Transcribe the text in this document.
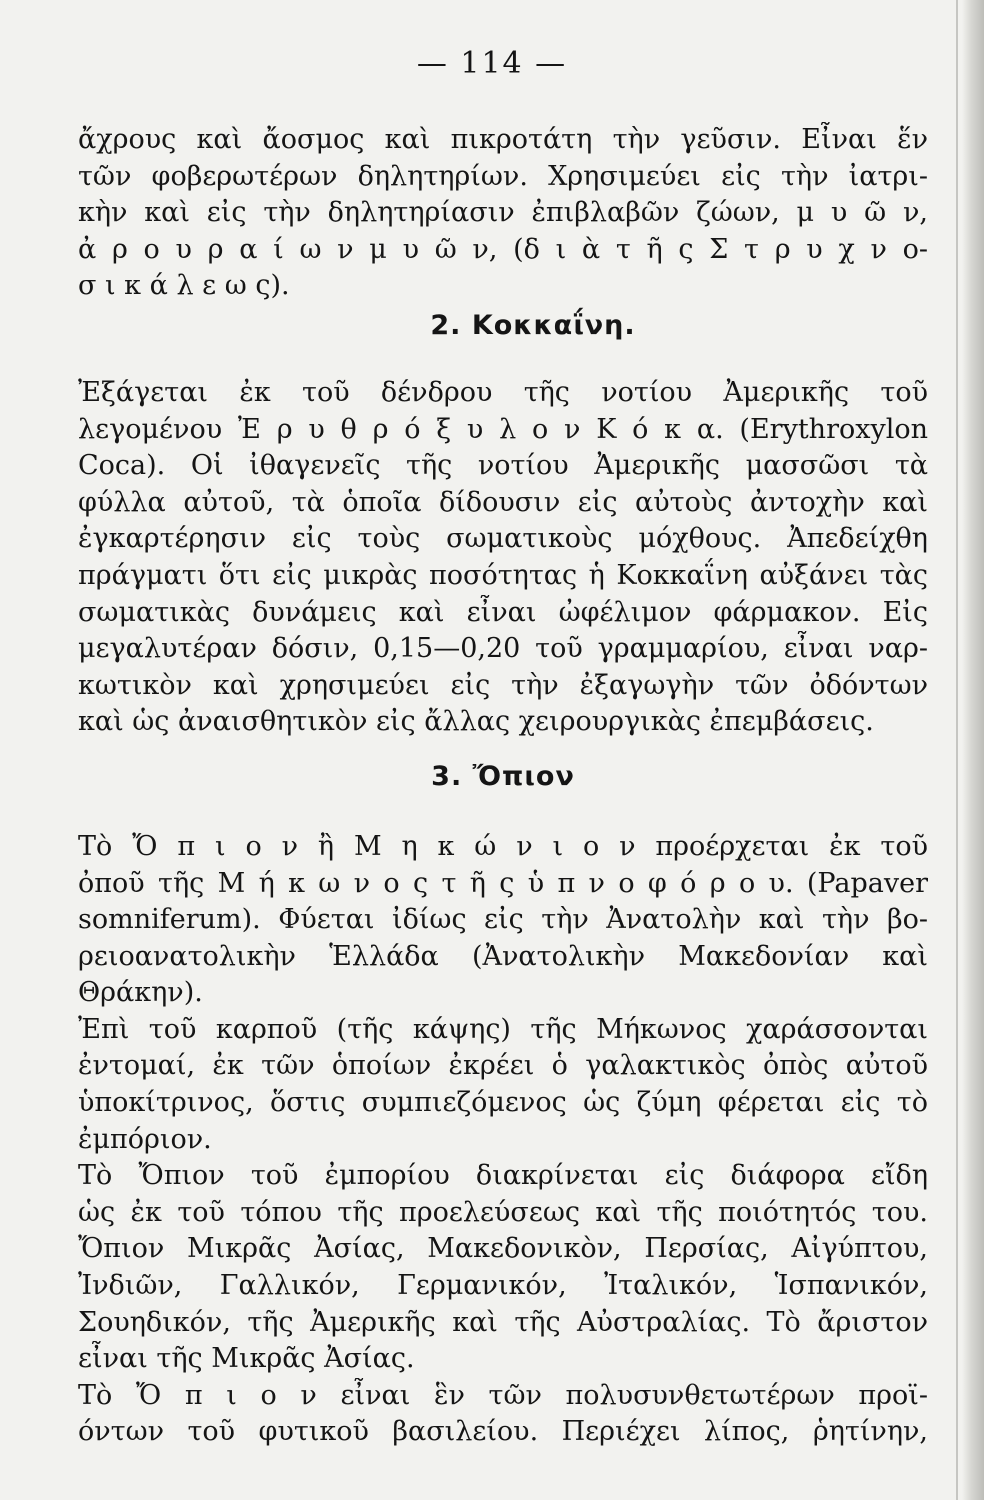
— 114 —
ἄχρους καὶ ἄοσμος καὶ πικροτάτη τὴν γεῦσιν. Εἶναι ἕν
τῶν φοβερωτέρων δηλητηρίων. Χρησιμεύει εἰς τὴν ἰατρι-
κὴν καὶ εἰς τὴν δηλητηρίασιν ἐπιβλαβῶν ζώων, μ υ ῶ ν,
ἀ ρ ο υ ρ α ί ω ν μ υ ῶ ν, (δ ι ὰ τ ῆ ς Σ τ ρ υ χ ν ο-
σ ι κ ά λ ε ω ς).
2. Κοκκαΐνη.
Ἐξάγεται ἐκ τοῦ δένδρου τῆς νοτίου Ἀμερικῆς τοῦ
λεγομένου Ἐ ρ υ θ ρ ό ξ υ λ ο ν Κ ό κ α. (Erythroxylon
Coca). Οἱ ἰθαγενεῖς τῆς νοτίου Ἀμερικῆς μασσῶσι τὰ
φύλλα αὐτοῦ, τὰ ὁποῖα δίδουσιν εἰς αὐτοὺς ἀντοχὴν καὶ
ἐγκαρτέρησιν εἰς τοὺς σωματικοὺς μόχθους. Ἀπεδείχθη
πράγματι ὅτι εἰς μικρὰς ποσότητας ἡ Κοκκαΐνη αὐξάνει τὰς
σωματικὰς δυνάμεις καὶ εἶναι ὠφέλιμον φάρμακον. Εἰς
μεγαλυτέραν δόσιν, 0,15—0,20 τοῦ γραμμαρίου, εἶναι ναρ-
κωτικὸν καὶ χρησιμεύει εἰς τὴν ἐξαγωγὴν τῶν ὀδόντων
καὶ ὡς ἀναισθητικὸν εἰς ἄλλας χειρουργικὰς ἐπεμβάσεις.
3. Ὄπιον
Τὸ Ὄ π ι ο ν ἢ Μ η κ ώ ν ι ο ν προέρχεται ἐκ τοῦ
ὀποῦ τῆς Μ ή κ ω ν ο ς τ ῆ ς ὑ π ν ο φ ό ρ ο υ. (Papaver
somniferum). Φύεται ἰδίως εἰς τὴν Ἀνατολὴν καὶ τὴν βο-
ρειοανατολικὴν Ἑλλάδα (Ἀνατολικὴν Μακεδονίαν καὶ
Θράκην).
Ἐπὶ τοῦ καρποῦ (τῆς κάψης) τῆς Μήκωνος χαράσσονται
ἐντομαί, ἐκ τῶν ὁποίων ἐκρέει ὁ γαλακτικὸς ὀπὸς αὐτοῦ
ὑποκίτρινος, ὅστις συμπιεζόμενος ὡς ζύμη φέρεται εἰς τὸ
ἐμπόριον.
Τὸ Ὄπιον τοῦ ἐμπορίου διακρίνεται εἰς διάφορα εἴδη
ὡς ἐκ τοῦ τόπου τῆς προελεύσεως καὶ τῆς ποιότητός του.
Ὄπιον Μικρᾶς Ἀσίας, Μακεδονικὸν, Περσίας, Αἰγύπτου,
Ἰνδιῶν, Γαλλικόν, Γερμανικόν, Ἰταλικόν, Ἱσπανικόν,
Σουηδικόν, τῆς Ἀμερικῆς καὶ τῆς Αὐστραλίας. Τὸ ἄριστον
εἶναι τῆς Μικρᾶς Ἀσίας.
Τὸ Ὄ π ι ο ν εἶναι ἓν τῶν πολυσυνθετωτέρων προϊ-
όντων τοῦ φυτικοῦ βασιλείου. Περιέχει λίπος, ῥητίνην,
